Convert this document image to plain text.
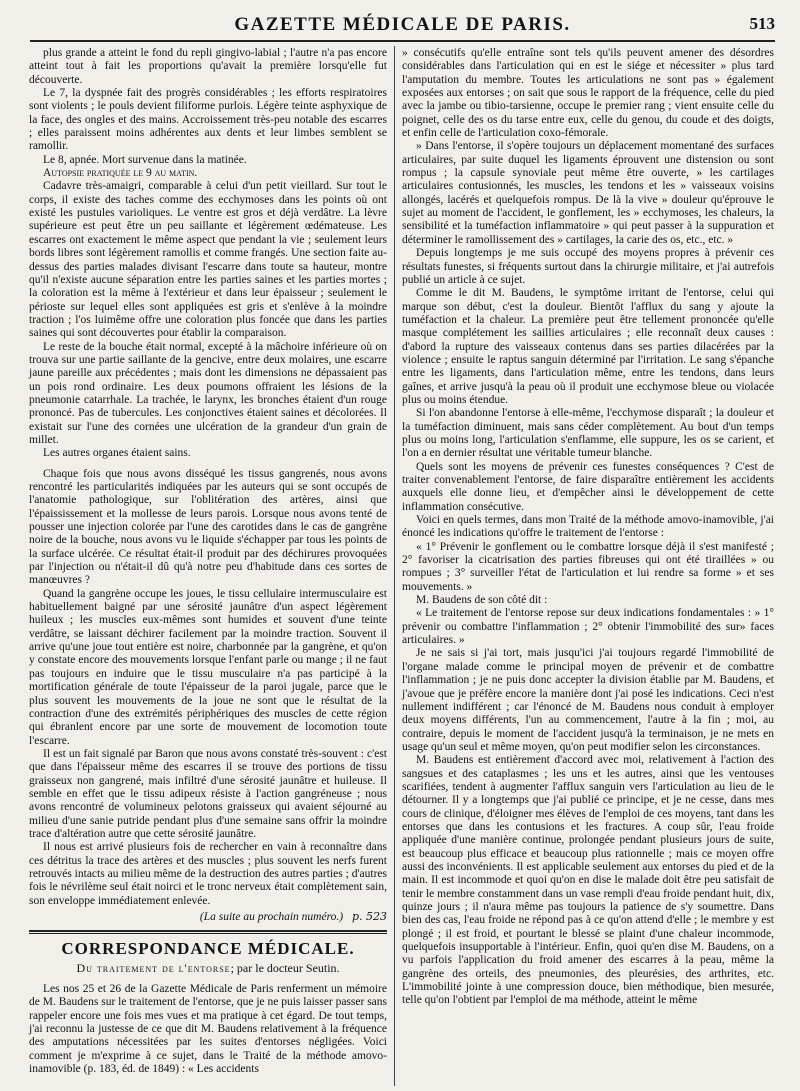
GAZETTE MÉDICALE DE PARIS.	513

plus grande a atteint le fond du repli gingivo-labial ; l'autre n'a pas encore atteint tout à fait les proportions qu'avait la première lorsqu'elle fut découverte.

Le 7, la dyspnée fait des progrès considérables ; les efforts respiratoires sont violents ; le pouls devient filiforme purlois. Légère teinte asphyxique de la face, des ongles et des mains. Accroissement très-peu notable des escarres ; elles paraissent moins adhérentes aux dents et leur limbes semblent se ramollir.

Le 8, apnée. Mort survenue dans la matinée.

Autopsie pratiquée le 9 au matin.

Cadavre très-amaigri, comparable à celui d'un petit vieillard. Sur tout le corps, il existe des taches comme des ecchymoses dans les points où ont existé les pustules varioliques. Le ventre est gros et déjà verdâtre. La lèvre supérieure est peut être un peu saillante et légèrement œdémateuse. Les escarres ont exactement le même aspect que pendant la vie ; seulement leurs bords libres sont légèrement ramollis et comme frangés. Une section faite au-dessus des parties malades divisant l'escarre dans toute sa hauteur, montre qu'il n'existe aucune séparation entre les parties saines et les parties mortes ; la coloration est la même à l'extérieur et dans leur épaisseur ; seulement le périoste sur lequel elles sont appliquées est gris et s'enlève à la moindre traction ; l'os luimême offre une coloration plus foncée que dans les parties saines qui sont découvertes pour établir la comparaison.

Le reste de la bouche était normal, excepté à la mâchoire inférieure où on trouva sur une partie saillante de la gencive, entre deux molaires, une escarre jaune pareille aux précédentes ; mais dont les dimensions ne dépassaient pas un pois rond ordinaire. Les deux poumons offraient les lésions de la pneumonie catarrhale. La trachée, le larynx, les bronches étaient d'un rouge prononcé. Pas de tubercules. Les conjonctives étaient saines et décolorées. Il existait sur l'une des cornées une ulcération de la grandeur d'un grain de millet.

Les autres organes étaient sains.

Chaque fois que nous avons disséqué les tissus gangrenés, nous avons rencontré les particularités indiquées par les auteurs qui se sont occupés de l'anatomie pathologique, sur l'oblitération des artères, ainsi que l'épaississement et la mollesse de leurs parois. Lorsque nous avons tenté de pousser une injection colorée par l'une des carotides dans le cas de gangrène noire de la bouche, nous avons vu le liquide s'échapper par tous les points de la surface ulcérée. Ce résultat était-il produit par des déchirures provoquées par l'injection ou n'était-il dû qu'à notre peu d'habitude dans ces sortes de manœuvres ?

Quand la gangrène occupe les joues, le tissu cellulaire intermusculaire est habituellement baigné par une sérosité jaunâtre d'un aspect légèrement huileux ; les muscles eux-mêmes sont humides et souvent d'une teinte verdâtre, se laissant déchirer facilement par la moindre traction. Souvent il arrive qu'une joue tout entière est noire, charbonnée par la gangrène, et qu'on y constate encore des mouvements lorsque l'enfant parle ou mange ; il ne faut pas toujours en induire que le tissu musculaire n'a pas participé à la mortification générale de toute l'épaisseur de la paroi jugale, parce que le plus souvent les mouvements de la joue ne sont que le résultat de la contraction d'une des extrémités périphériques des muscles de cette région qui ébranlent encore par une sorte de mouvement de locomotion toute l'escarre.

Il est un fait signalé par Baron que nous avons constaté très-souvent : c'est que dans l'épaisseur même des escarres il se trouve des portions de tissu graisseux non gangrené, mais infiltré d'une sérosité jaunâtre et huileuse. Il semble en effet que le tissu adipeux résiste à l'action gangréneuse ; nous avons rencontré de volumineux pelotons graisseux qui avaient séjourné au milieu d'une sanie putride pendant plus d'une semaine sans offrir la moindre trace d'altération autre que cette sérosité jaunâtre.

Il nous est arrivé plusieurs fois de rechercher en vain à reconnaître dans ces détritus la trace des artères et des muscles ; plus souvent les nerfs furent retrouvés intacts au milieu même de la destruction des autres parties ; d'autres fois le névrilème seul était noirci et le tronc nerveux était complètement sain, son enveloppe immédiatement enlevée.

(La suite au prochain numéro.) p. 523
CORRESPONDANCE MÉDICALE.
Du traitement de l'entorse; par le docteur Seutin.

Les nos 25 et 26 de la Gazette Médicale de Paris renferment un mémoire de M. Baudens sur le traitement de l'entorse, que je ne puis laisser passer sans rappeler encore une fois mes vues et ma pratique à cet égard. De tout temps, j'ai reconnu la justesse de ce que dit M. Baudens relativement à la fréquence des amputations nécessitées par les suites d'entorses négligées. Voici comment je m'exprime à ce sujet, dans le Traité de la méthode amovo-inamovible (p. 183, éd. de 1849) : « Les accidents

» consécutifs qu'elle entraîne sont tels qu'ils peuvent amener des désordres considérables dans l'articulation qui en est le siége et nécessiter » plus tard l'amputation du membre. Toutes les articulations ne sont pas » également exposées aux entorses ; on sait que sous le rapport de la fréquence, celle du pied avec la jambe ou tibio-tarsienne, occupe le premier rang ; vient ensuite celle du poignet, celle des os du tarse entre eux, celle du genou, du coude et des doigts, et enfin celle de l'articulation coxo-fémorale.

» Dans l'entorse, il s'opère toujours un déplacement momentané des surfaces articulaires, par suite duquel les ligaments éprouvent une distension ou sont rompus ; la capsule synoviale peut même être ouverte, » les cartilages articulaires contusionnés, les muscles, les tendons et les » vaisseaux voisins allongés, lacérés et quelquefois rompus. De là la vive » douleur qu'éprouve le sujet au moment de l'accident, le gonflement, les » ecchymoses, les chaleurs, la sensibilité et la tuméfaction inflammatoire » qui peut passer à la suppuration et déterminer le ramollissement des » cartilages, la carie des os, etc., etc. »

Depuis longtemps je me suis occupé des moyens propres à prévenir ces résultats funestes, si fréquents surtout dans la chirurgie militaire, et j'ai autrefois publié un article à ce sujet.

Comme le dit M. Baudens, le symptôme irritant de l'entorse, celui qui marque son début, c'est la douleur. Bientôt l'afflux du sang y ajoute la tuméfaction et la chaleur. La première peut être tellement prononcée qu'elle masque complétement les saillies articulaires ; elle reconnaît deux causes : d'abord la rupture des vaisseaux contenus dans ses parties dilacérées par la violence ; ensuite le raptus sanguin déterminé par l'irritation. Le sang s'épanche entre les ligaments, dans l'articulation même, entre les tendons, dans leurs gaînes, et arrive jusqu'à la peau où il produit une ecchymose bleue ou violacée plus ou moins étendue.

Si l'on abandonne l'entorse à elle-même, l'ecchymose disparaît ; la douleur et la tuméfaction diminuent, mais sans céder complètement. Au bout d'un temps plus ou moins long, l'articulation s'enflamme, elle suppure, les os se carient, et l'on a en dernier résultat une véritable tumeur blanche.

Quels sont les moyens de prévenir ces funestes conséquences ? C'est de traiter convenablement l'entorse, de faire disparaître entièrement les accidents auxquels elle donne lieu, et d'empêcher ainsi le développement de cette inflammation consécutive.

Voici en quels termes, dans mon Traité de la méthode amovo-inamovible, j'ai énoncé les indications qu'offre le traitement de l'entorse :

« 1° Prévenir le gonflement ou le combattre lorsque déjà il s'est manifesté ; 2° favoriser la cicatrisation des parties fibreuses qui ont été tiraillées » ou rompues ; 3° surveiller l'état de l'articulation et lui rendre sa forme » et ses mouvements. »

M. Baudens de son côté dit :

« Le traitement de l'entorse repose sur deux indications fondamentales : » 1° prévenir ou combattre l'inflammation ; 2° obtenir l'immobilité des sur» faces articulaires. »

Je ne sais si j'ai tort, mais jusqu'ici j'ai toujours regardé l'immobilité de l'organe malade comme le principal moyen de prévenir et de combattre l'inflammation ; je ne puis donc accepter la division établie par M. Baudens, et j'avoue que je préfère encore la manière dont j'ai posé les indications. Ceci n'est nullement indifférent ; car l'énoncé de M. Baudens nous conduit à employer deux moyens différents, l'un au commencement, l'autre à la fin ; moi, au contraire, depuis le moment de l'accident jusqu'à la terminaison, je ne mets en usage qu'un seul et même moyen, qu'on peut modifier selon les circonstances.

M. Baudens est entièrement d'accord avec moi, relativement à l'action des sangsues et des cataplasmes ; les uns et les autres, ainsi que les ventouses scarifiées, tendent à augmenter l'afflux sanguin vers l'articulation au lieu de le détourner. Il y a longtemps que j'ai publié ce principe, et je ne cesse, dans mes cours de clinique, d'éloigner mes élèves de l'emploi de ces moyens, tant dans les entorses que dans les contusions et les fractures. A coup sûr, l'eau froide appliquée d'une manière continue, prolongée pendant plusieurs jours de suite, est beaucoup plus efficace et beaucoup plus rationnelle ; mais ce moyen offre aussi des inconvénients. Il est applicable seulement aux entorses du pied et de la main. Il est incommode et quoi qu'on en dise le malade doit être peu satisfait de tenir le membre constamment dans un vase rempli d'eau froide pendant huit, dix, quinze jours ; il n'aura même pas toujours la patience de s'y soumettre. Dans bien des cas, l'eau froide ne répond pas à ce qu'on attend d'elle ; le membre y est plongé ; il est froid, et pourtant le blessé se plaint d'une chaleur incommode, quelquefois insupportable à l'intérieur. Enfin, quoi qu'en dise M. Baudens, on a vu parfois l'application du froid amener des escarres à la peau, même la gangrène des orteils, des pneumonies, des pleurésies, des arthrites, etc. L'immobilité jointe à une compression douce, bien méthodique, bien mesurée, telle qu'on l'obtient par l'emploi de ma méthode, atteint le même
